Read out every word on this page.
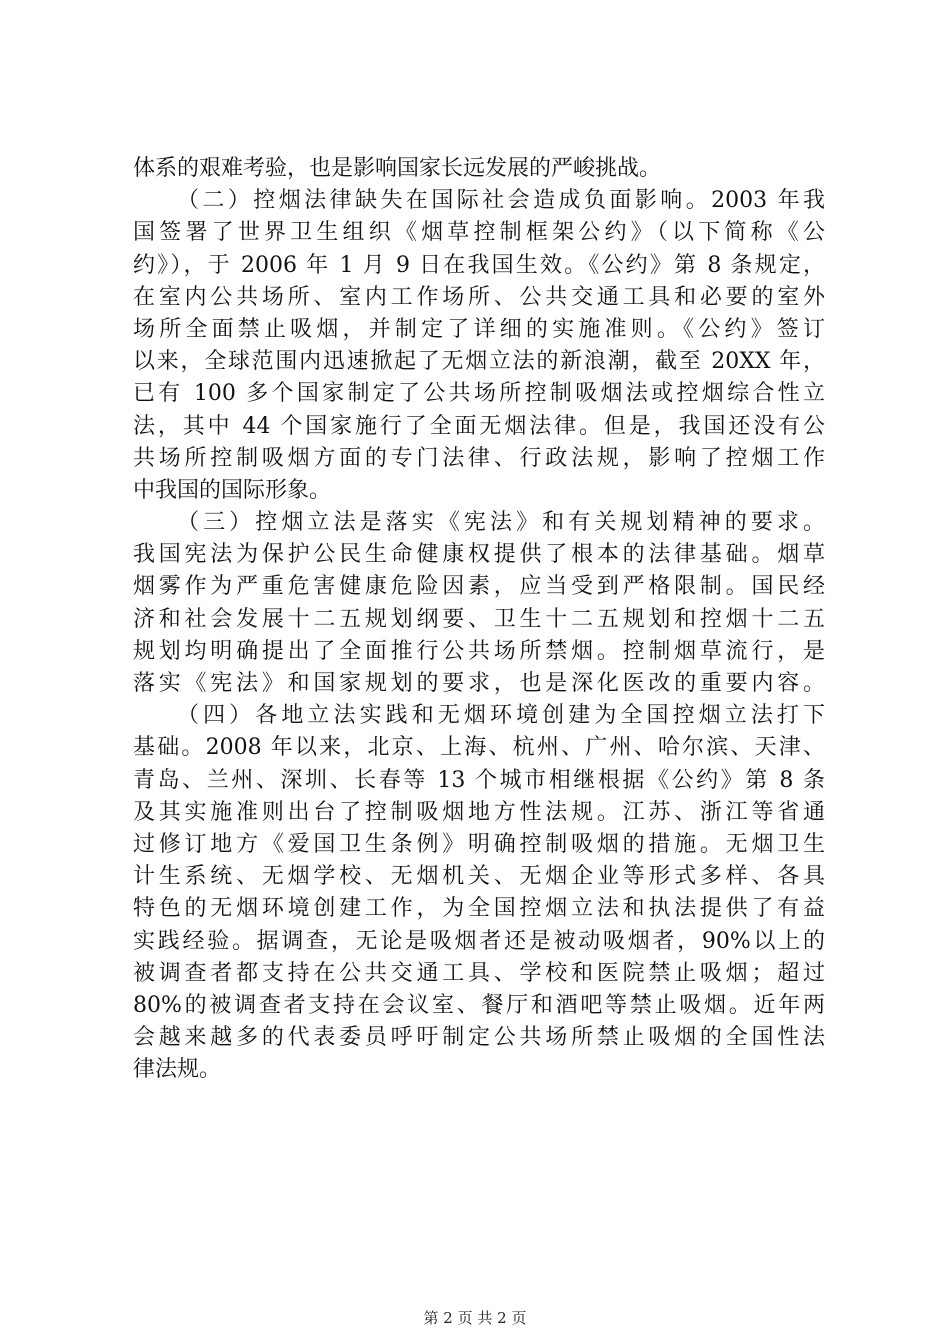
体系的艰难考验，也是影响国家长远发展的严峻挑战。
（二）控烟法律缺失在国际社会造成负面影响。2003 年我
国签署了世界卫生组织《烟草控制框架公约》（以下简称《公
约》），于 2006 年 1 月 9 日在我国生效。《公约》第 8 条规定，
在室内公共场所、室内工作场所、公共交通工具和必要的室外
场所全面禁止吸烟，并制定了详细的实施准则。《公约》签订
以来，全球范围内迅速掀起了无烟立法的新浪潮，截至 20XX 年，
已有 100 多个国家制定了公共场所控制吸烟法或控烟综合性立
法，其中 44 个国家施行了全面无烟法律。但是，我国还没有公
共场所控制吸烟方面的专门法律、行政法规，影响了控烟工作
中我国的国际形象。
（三）控烟立法是落实《宪法》和有关规划精神的要求。
我国宪法为保护公民生命健康权提供了根本的法律基础。烟草
烟雾作为严重危害健康危险因素，应当受到严格限制。国民经
济和社会发展十二五规划纲要、卫生十二五规划和控烟十二五
规划均明确提出了全面推行公共场所禁烟。控制烟草流行，是
落实《宪法》和国家规划的要求，也是深化医改的重要内容。
（四）各地立法实践和无烟环境创建为全国控烟立法打下
基础。2008 年以来，北京、上海、杭州、广州、哈尔滨、天津、
青岛、兰州、深圳、长春等 13 个城市相继根据《公约》第 8 条
及其实施准则出台了控制吸烟地方性法规。江苏、浙江等省通
过修订地方《爱国卫生条例》明确控制吸烟的措施。无烟卫生
计生系统、无烟学校、无烟机关、无烟企业等形式多样、各具
特色的无烟环境创建工作，为全国控烟立法和执法提供了有益
实践经验。据调查，无论是吸烟者还是被动吸烟者，90%以上的
被调查者都支持在公共交通工具、学校和医院禁止吸烟；超过
80%的被调查者支持在会议室、餐厅和酒吧等禁止吸烟。近年两
会越来越多的代表委员呼吁制定公共场所禁止吸烟的全国性法
律法规。
第 2 页 共 2 页
